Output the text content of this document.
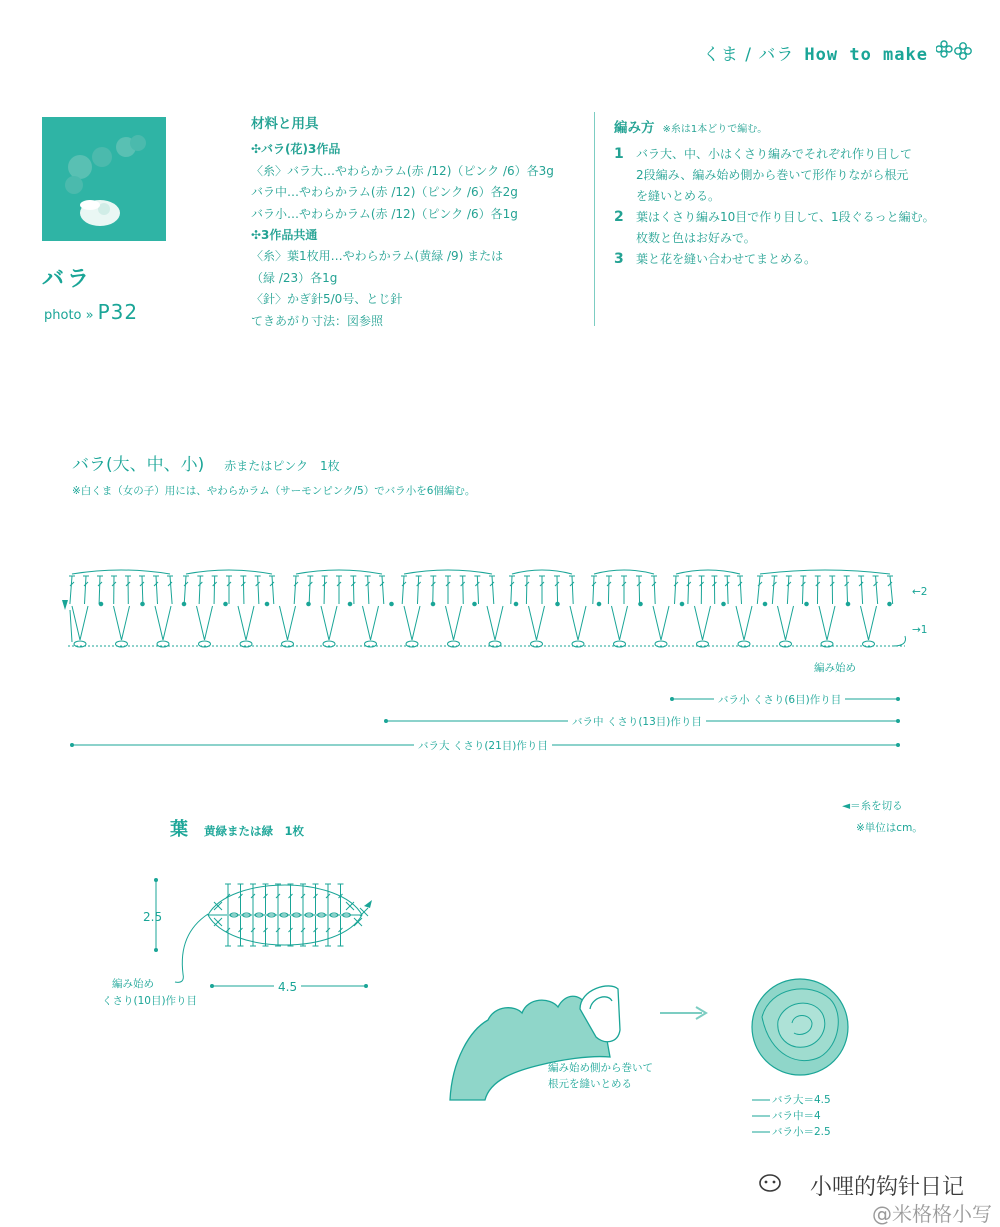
くま / バラ How to make
バラ
photo » P32
材料と用具
✣バラ(花)3作品
〈糸〉バラ大…やわらかラム(赤 /12)（ピンク /6）各3g
バラ中…やわらかラム(赤 /12)（ピンク /6）各2g
バラ小…やわらかラム(赤 /12)（ピンク /6）各1g
✣3作品共通
〈糸〉葉1枚用…やわらかラム(黄緑 /9) または
（緑 /23）各1g
〈針〉かぎ針5/0号、とじ針
てきあがり寸法：図参照
編み方 ※糸は1本どりで編む。
1 バラ大、中、小はくさり編みでそれぞれ作り目して
2段編み、編み始め側から巻いて形作りながら根元
を縫いとめる。
2 葉はくさり編み10目で作り目して、1段ぐるっと編む。
枚数と色はお好みで。
3 葉と花を縫い合わせてまとめる。
バラ(大、中、小) 赤またはピンク　1枚
※白くま（女の子）用には、やわらかラム（サーモンピンク/5）でバラ小を6個編む。
←2
→1
編み始め
バラ小 くさり(6目)作り目
バラ中 くさり(13目)作り目
バラ大 くさり(21目)作り目
◄＝糸を切る
※単位はcm。
葉 黄緑または緑　1枚
2.5
4.5
編み始め
くさり(10目)作り目
編み始め側から巻いて
根元を縫いとめる
バラ大＝4.5
バラ中＝4
バラ小＝2.5
小哩的钩针日记
@米格格小写
